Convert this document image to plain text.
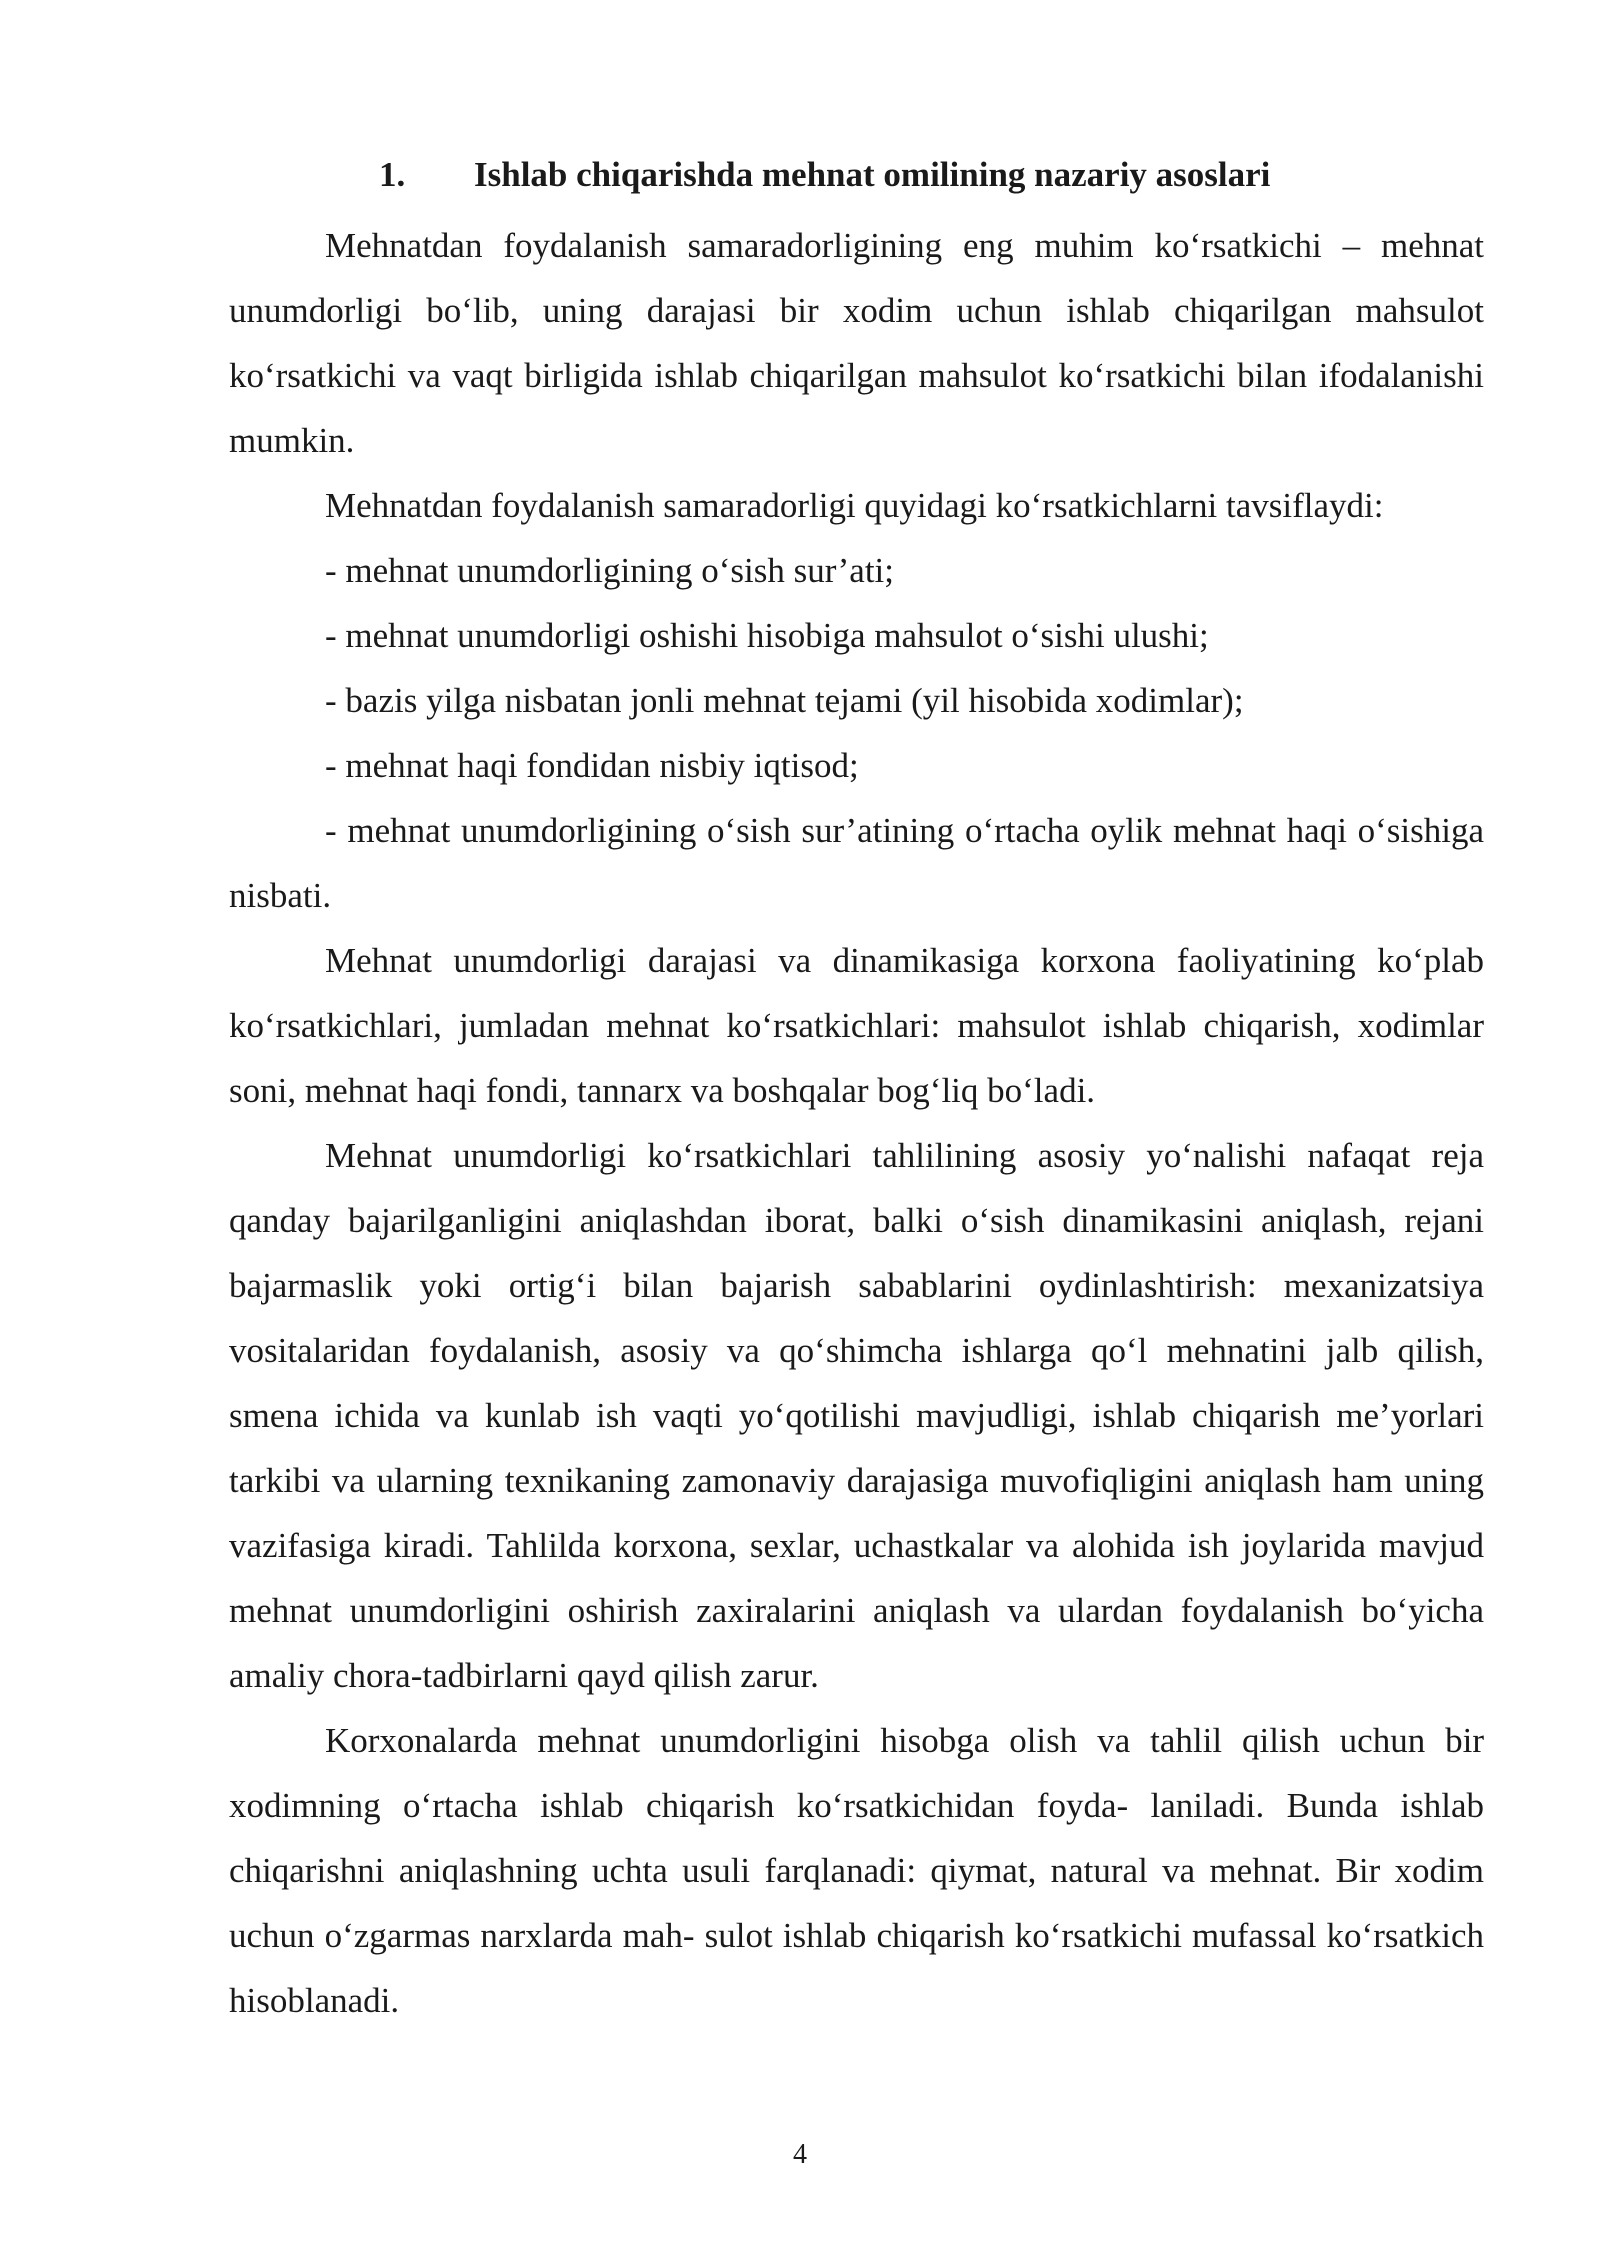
1. Ishlab chiqarishda mehnat omilining nazariy asoslari

Mehnatdan foydalanish samaradorligining eng muhim ko‘rsatkichi – mehnat unumdorligi bo‘lib, uning darajasi bir xodim uchun ishlab chiqarilgan mahsulot ko‘rsatkichi va vaqt birligida ishlab chiqarilgan mahsulot ko‘rsatkichi bilan ifodalanishi mumkin.

Mehnatdan foydalanish samaradorligi quyidagi ko‘rsatkichlarni tavsiflaydi:

- mehnat unumdorligining o‘sish sur’ati;

- mehnat unumdorligi oshishi hisobiga mahsulot o‘sishi ulushi;

- bazis yilga nisbatan jonli mehnat tejami (yil hisobida xodimlar);

- mehnat haqi fondidan nisbiy iqtisod;

- mehnat unumdorligining o‘sish sur’atining o‘rtacha oylik mehnat haqi o‘sishiga nisbati.

Mehnat unumdorligi darajasi va dinamikasiga korxona faoliyatining ko‘plab ko‘rsatkichlari, jumladan mehnat ko‘rsatkichlari: mahsulot ishlab chiqarish, xodimlar soni, mehnat haqi fondi, tannarx va boshqalar bog‘liq bo‘ladi.

Mehnat unumdorligi ko‘rsatkichlari tahlilining asosiy yo‘nalishi nafaqat reja qanday bajarilganligini aniqlashdan iborat, balki o‘sish dinamikasini aniqlash, rejani bajarmaslik yoki ortig‘i bilan bajarish sabablarini oydinlashtirish: mexanizatsiya vositalaridan foydalanish, asosiy va qo‘shimcha ishlarga qo‘l mehnatini jalb qilish, smena ichida va kunlab ish vaqti yo‘qotilishi mavjudligi, ishlab chiqarish me’yorlari tarkibi va ularning texnikaning zamonaviy darajasiga muvofiqligini aniqlash ham uning vazifasiga kiradi. Tahlilda korxona, sexlar, uchastkalar va alohida ish joylarida mavjud mehnat unumdorligini oshirish zaxiralarini aniqlash va ulardan foydalanish bo‘yicha amaliy chora-tadbirlarni qayd qilish zarur.

Korxonalarda mehnat unumdorligini hisobga olish va tahlil qilish uchun bir xodimning o‘rtacha ishlab chiqarish ko‘rsatkichidan foyda- laniladi. Bunda ishlab chiqarishni aniqlashning uchta usuli farqlanadi: qiymat, natural va mehnat. Bir xodim uchun o‘zgarmas narxlarda mah- sulot ishlab chiqarish ko‘rsatkichi mufassal ko‘rsatkich hisoblanadi.

4
